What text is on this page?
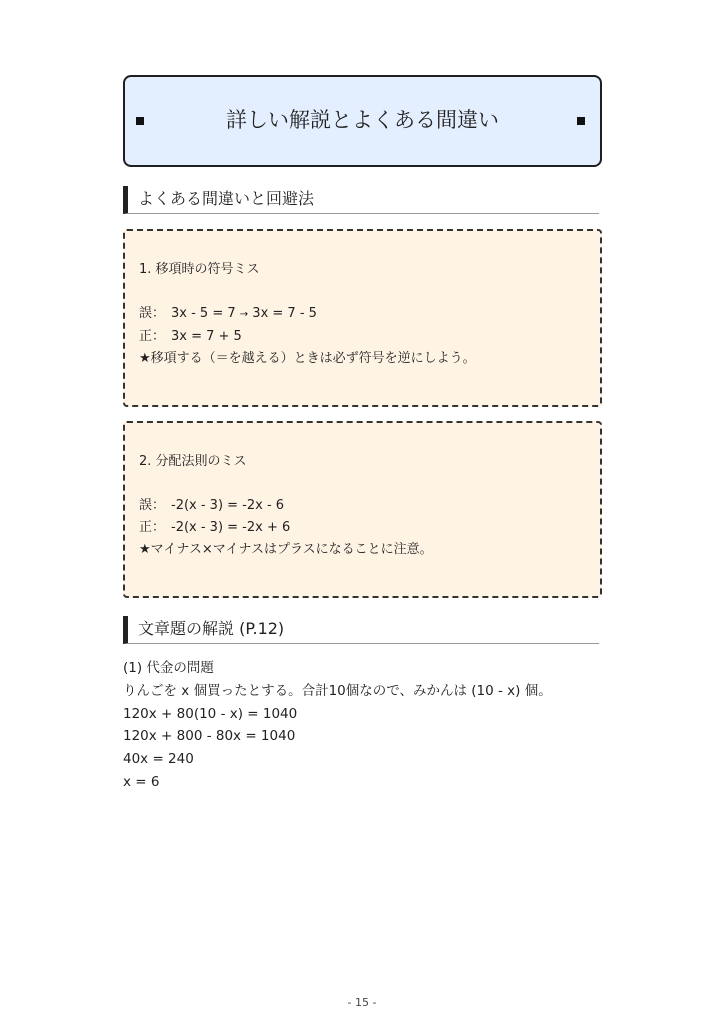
詳しい解説とよくある間違い
よくある間違いと回避法
1. 移項時の符号ミス
誤： 3x - 5 = 7 → 3x = 7 - 5
正： 3x = 7 + 5
★移項する（＝を越える）ときは必ず符号を逆にしよう。
2. 分配法則のミス
誤： -2(x - 3) = -2x - 6
正： -2(x - 3) = -2x + 6
★マイナス×マイナスはプラスになることに注意。
文章題の解説 (P.12)
(1) 代金の問題
りんごを x 個買ったとする。合計10個なので、みかんは (10 - x) 個。
120x + 80(10 - x) = 1040
120x + 800 - 80x = 1040
40x = 240
x = 6
- 15 -
